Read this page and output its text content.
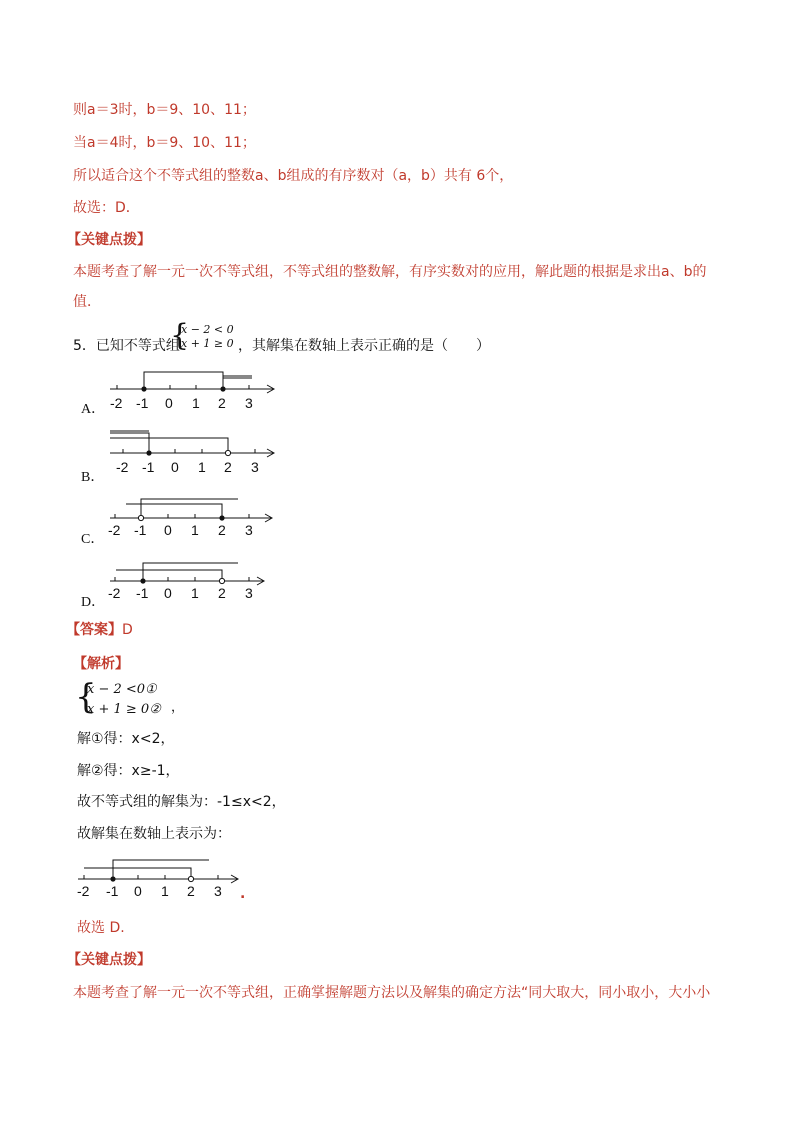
则a＝3时，b＝9、10、11；
当a＝4时，b＝9、10、11；
所以适合这个不等式组的整数a、b组成的有序数对（a，b）共有 6个，
故选：D．
【关键点拨】
本题考查了解一元一次不等式组，不等式组的整数解，有序实数对的应用，解此题的根据是求出a、b的
值．
5．已知不等式组
{
x − 2 < 0
x + 1 ≥ 0 ，其解集在数轴上表示正确的是（　　）
A． -2 -1 0 1 2 3
B．
-2 -1 0 1 2 3
C．
-2 -1 0 1 2 3
D．
-2 -1 0 1 2 3
【答案】D
【解析】
{
x − 2 <0①
x + 1 ≥ 0② ，
解①得：x<2，
解②得：x≥-1，
故不等式组的解集为：-1≤x<2，
故解集在数轴上表示为：
-2 -1 0 1 2 3 .
故选 D.
【关键点拨】
本题考查了解一元一次不等式组，正确掌握解题方法以及解集的确定方法“同大取大，同小取小，大小小
